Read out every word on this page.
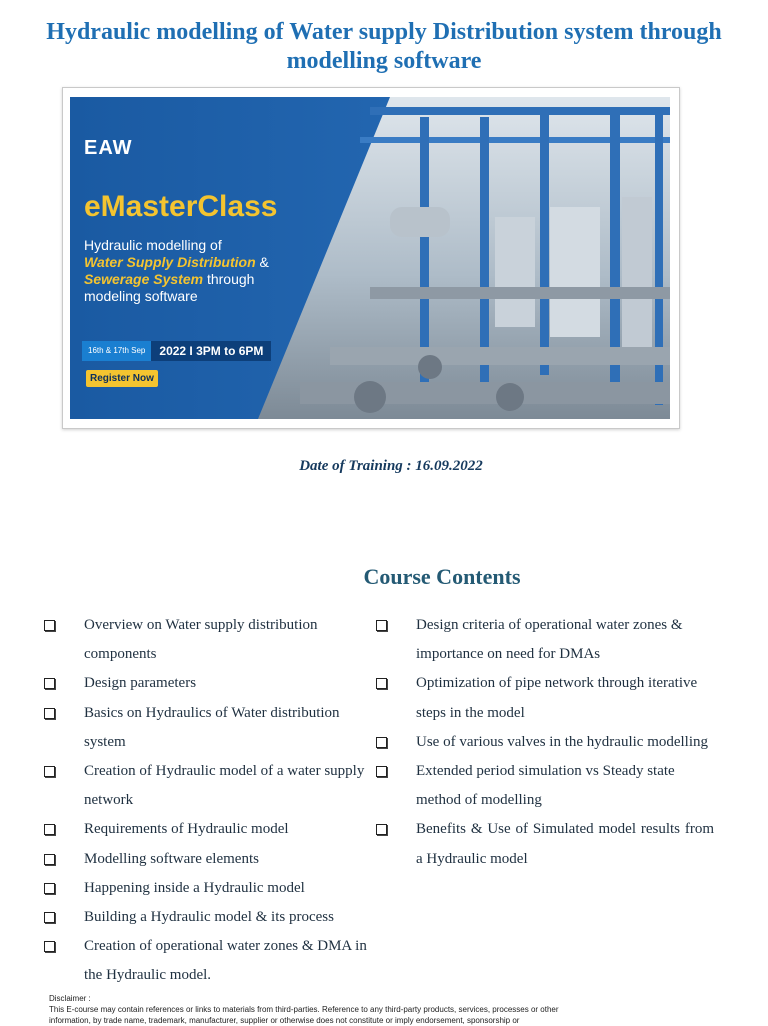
Hydraulic modelling of Water supply Distribution system through modelling software
EAW
eMasterClass
Hydraulic modelling of
Water Supply Distribution &
Sewerage System through modeling software
16th & 17th Sep	2022 I 3PM to 6PM
Register Now
Date of Training : 16.09.2022
Course Contents
Overview on Water supply distribution components
Design parameters
Basics on Hydraulics of Water distribution system
Creation of Hydraulic model of a water supply network
Requirements of Hydraulic model
Modelling software elements
Happening inside a Hydraulic model
Building a Hydraulic model & its process
Creation of operational water zones & DMA in the Hydraulic model.
Design criteria of operational water zones & importance on need for DMAs
Optimization of pipe network through iterative steps in the model
Use of various valves in the hydraulic modelling
Extended period simulation vs Steady state method of modelling
Benefits & Use of Simulated model results from a Hydraulic model
Disclaimer :
This E-course may contain references or links to materials from third-parties. Reference to any third-party products, services, processes or other
information, by trade name, trademark, manufacturer, supplier or otherwise does not constitute or imply endorsement, sponsorship or
